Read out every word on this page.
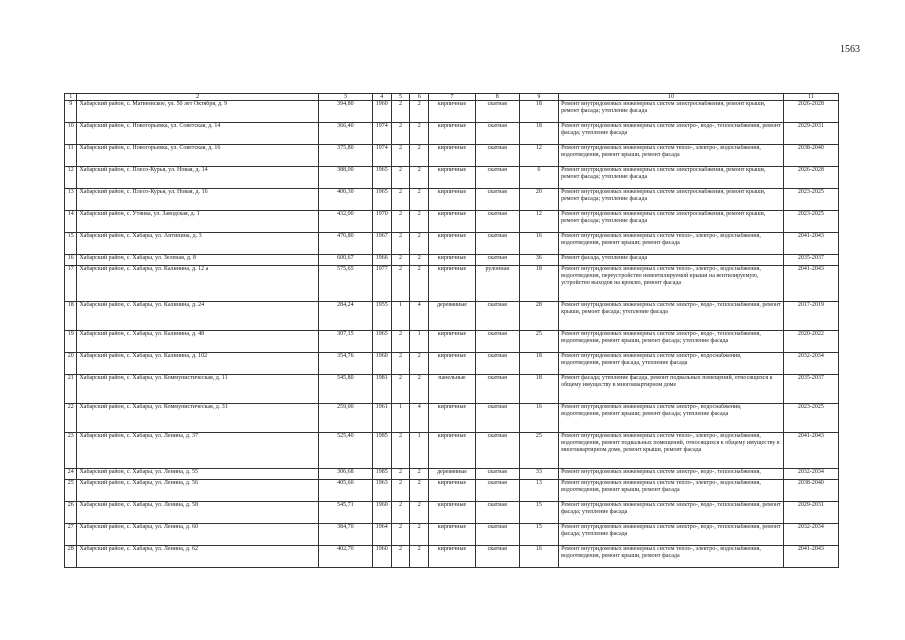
1563
1	2	3	4	5	6	7	8	9	10	11
9	Хабарский район, с. Матвеевское, ул. 50 лет Октября, д. 9	394,80	1960	2	2	кирпичные	скатная	18	Ремонт внутридомовых инженерных систем электроснабжения, ремонт крыши, ремонт фасада; утепление фасада	2026-2028
10	Хабарский район, с. Новогорьевка, ул. Советская, д. 14	366,40	1974	2	2	кирпичные	скатная	18	Ремонт внутридомовых инженерных систем электро-, водо-, теплоснабжения, ремонт фасада; утепление фасада	2029-2031
11	Хабарский район, с. Новогорьевка, ул. Советская, д. 16	375,80	1974	2	2	кирпичные	скатная	12	Ремонт внутридомовых инженерных систем тепло-, электро-, водоснабжения, водоотведения, ремонт крыши, ремонт фасада	2038-2040
12	Хабарский район, с. Плесо-Курья, ул. Новая, д. 14	388,00	1965	2	2	кирпичные	скатная	6	Ремонт внутридомовых инженерных систем электроснабжения, ремонт крыши, ремонт фасада; утепление фасада	2026-2028
13	Хабарский район, с. Плесо-Курья, ул. Новая, д. 16	400,30	1965	2	2	кирпичные	скатная	20	Ремонт внутридомовых инженерных систем электроснабжения, ремонт крыши, ремонт фасада; утепление фасада	2023-2025
14	Хабарский район, с. Утянка, ул. Заводская, д. 1	432,00	1970	2	2	кирпичные	скатная	12	Ремонт внутридомовых инженерных систем электроснабжения, ремонт крыши, ремонт фасада; утепление фасада	2023-2025
15	Хабарский район, с. Хабары, ул. Антипина, д. 3	470,80	1967	2	2	кирпичные	скатная	16	Ремонт внутридомовых инженерных систем тепло-, электро-, водоснабжения, водоотведения, ремонт крыши; ремонт фасада	2041-2043
16	Хабарский район, с. Хабары, ул. Зеленая, д. 8	600,67	1966	2	2	кирпичные	скатная	36	Ремонт фасада, утепление фасада	2035-2037
17	Хабарский район, с. Хабары, ул. Калинина, д. 12 а	575,65	1977	2	2	кирпичные	рулонная	18	Ремонт внутридомовых инженерных систем тепло-, электро-, водоснабжения, водоотведения, переустройство невентилируемой крыши на вентилируемую, устройство выходов на кровлю, ремонт фасада	2041-2043
18	Хабарский район, с. Хабары, ул. Калинина, д. 24	284,24	1955	1	4	деревянные	скатная	28	Ремонт внутридомовых инженерных систем электро-, водо-, теплоснабжения, ремонт крыши, ремонт фасада; утепление фасада	2017-2019
19	Хабарский район, с. Хабары, ул. Калинина, д. 48	307,15	1965	2	1	кирпичные	скатная	25	Ремонт внутридомовых инженерных систем электро-, водо-, теплоснабжения, водоотведения, ремонт крыши, ремонт фасада; утепление фасада	2020-2022
20	Хабарский район, с. Хабары, ул. Калинина, д. 102	354,76	1960	2	2	кирпичные	скатная	18	Ремонт внутридомовых инженерных систем электро-, водоснабжения, водоотведения, ремонт фасада, утепление фасада	2032-2034
21	Хабарский район, с. Хабары, ул. Коммунистическая, д. 11	545,80	1981	2	2	панельные	скатная	18	Ремонт фасада; утепление фасада, ремонт подвальных помещений, относящихся к общему имуществу в многоквартирном доме	2035-2037
22	Хабарский район, с. Хабары, ул. Коммунистическая, д. 31	259,00	1961	1	4	кирпичные	скатная	16	Ремонт внутридомовых инженерных систем электро-, водоснабжения, водоотведения, ремонт крыши; ремонт фасада; утепление фасада	2023-2025
23	Хабарский район, с. Хабары, ул. Ленина, д. 37	525,40	1985	2	1	кирпичные	скатная	25	Ремонт внутридомовых инженерных систем тепло-, электро-, водоснабжения, водоотведения, ремонт подвальных помещений, относящихся к общему имуществу в многоквартирном доме, ремонт крыши, ремонт фасада	2041-2043
24	Хабарский район, с. Хабары, ул. Ленина, д. 55	306,68	1985	2	2	деревянные	скатная	33	Ремонт внутридомовых инженерных систем электро-, водо-, теплоснабжения,	2032-2034
25	Хабарский район, с. Хабары, ул. Ленина, д. 56	405,60	1963	2	2	кирпичные	скатная	13	Ремонт внутридомовых инженерных систем тепло-, электро-, водоснабжения, водоотведения, ремонт крыши, ремонт фасада	2038-2040
26	Хабарский район, с. Хабары, ул. Ленина, д. 58	545,71	1960	2	2	кирпичные	скатная	15	Ремонт внутридомовых инженерных систем электро-, водо-, теплоснабжения, ремонт фасада; утепление фасада	2029-2031
27	Хабарский район, с. Хабары, ул. Ленина, д. 60	384,70	1964	2	2	кирпичные	скатная	15	Ремонт внутридомовых инженерных систем электро-, водо-, теплоснабжения, ремонт фасада; утепление фасада	2032-2034
28	Хабарский район, с. Хабары, ул. Ленина, д. 62	402,70	1960	2	2	кирпичные	скатная	16	Ремонт внутридомовых инженерных систем тепло-, электро-, водоснабжения, водоотведения, ремонт крыши, ремонт фасада	2041-2043
